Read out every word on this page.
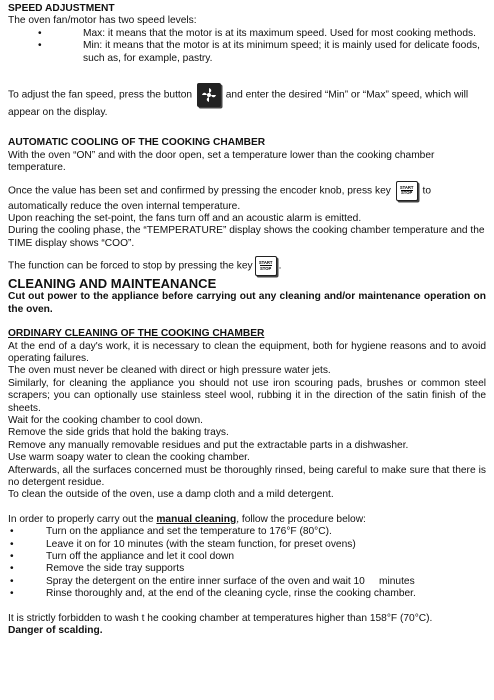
SPEED ADJUSTMENT

The oven fan/motor has two speed levels:

•	Max: it means that the motor is at its maximum speed. Used for most cooking methods.
•	Min: it means that the motor is at its minimum speed; it is mainly used for delicate foods, such as, for example, pastry.

To adjust the fan speed, press the button	and enter the desired “Min” or “Max” speed, which will appear on the display.

AUTOMATIC COOLING OF THE COOKING CHAMBER

With the oven “ON” and with the door open, set a temperature lower than the cooking chamber temperature.

Once the value has been set and confirmed by pressing the encoder knob, press key	START
STOP to automatically reduce the oven internal temperature.

Upon reaching the set-point, the fans turn off and an acoustic alarm is emitted.

During the cooling phase, the “TEMPERATURE” display shows the cooking chamber temperature and the TIME display shows “COO”.

The function can be forced to stop by pressing the key	START
STOP .

CLEANING AND MAINTEANANCE

Cut out power to the appliance before carrying out any cleaning and/or maintenance operation on the oven.

ORDINARY CLEANING OF THE COOKING CHAMBER

At the end of a day's work, it is necessary to clean the equipment, both for hygiene reasons and to avoid operating failures.

The oven must never be cleaned with direct or high pressure water jets.

Similarly, for cleaning the appliance you should not use iron scouring pads, brushes or common steel scrapers; you can optionally use stainless steel wool, rubbing it in the direction of the satin finish of the sheets.

Wait for the cooking chamber to cool down.

Remove the side grids that hold the baking trays.

Remove any manually removable residues and put the extractable parts in a dishwasher.

Use warm soapy water to clean the cooking chamber.

Afterwards, all the surfaces concerned must be thoroughly rinsed, being careful to make sure that there is no detergent residue.

To clean the outside of the oven, use a damp cloth and a mild detergent.

In order to properly carry out the manual cleaning, follow the procedure below:

•	Turn on the appliance and set the temperature to 176°F (80°C).
•	Leave it on for 10 minutes (with the steam function, for preset ovens)
•	Turn off the appliance and let it cool down
•	Remove the side tray supports
•	Spray the detergent on the entire inner surface of the oven and wait 10     minutes
•	Rinse thoroughly and, at the end of the cleaning cycle, rinse the cooking chamber.

It is strictly forbidden to wash t he cooking chamber at temperatures higher than 158°F (70°C).

Danger of scalding.
